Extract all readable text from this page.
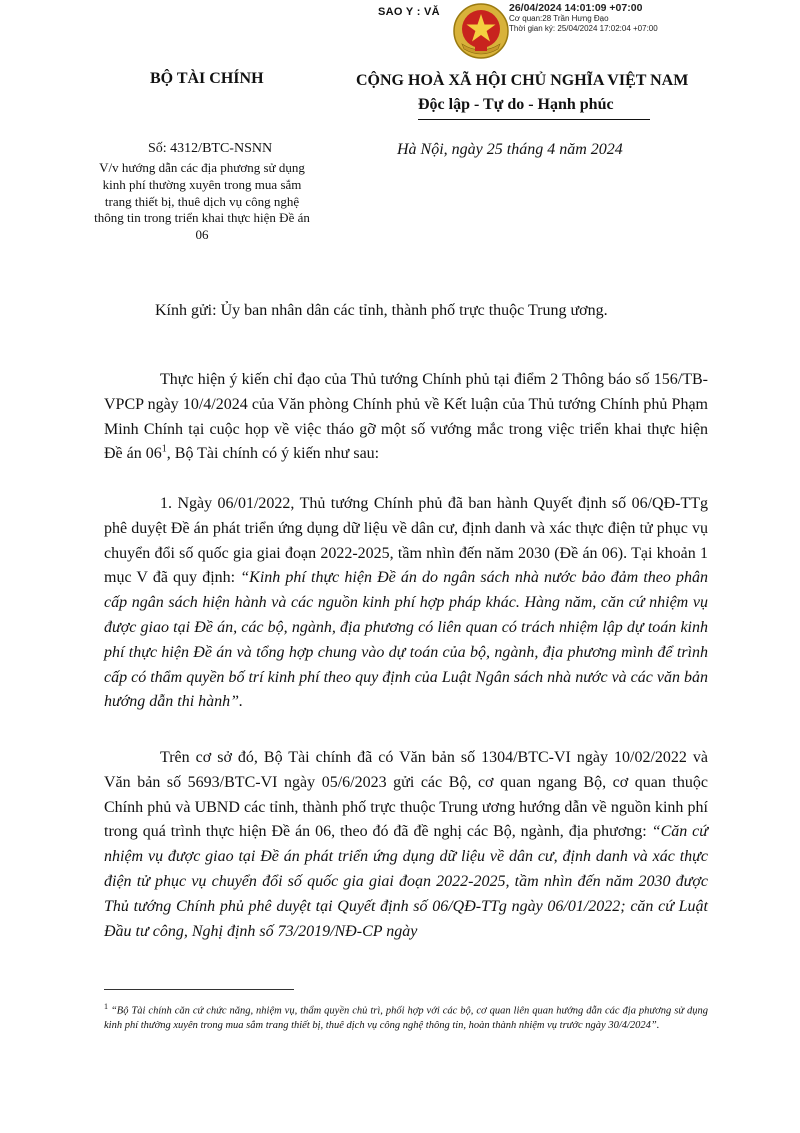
SAO Y : VĂ	26/04/2024 14:01:09 +07:00
Cơ quan:28 Trần Hưng Đạo
Thời gian ký: 25/04/2024 17:02:04 +07:00
BỘ TÀI CHÍNH	CỘNG HOÀ XÃ HỘI CHỦ NGHĨA VIỆT NAM
Độc lập - Tự do - Hạnh phúc
Số: 4312/BTC-NSNN
V/v hướng dẫn các địa phương sử dụng kinh phí thường xuyên trong mua sắm trang thiết bị, thuê dịch vụ công nghệ thông tin trong triển khai thực hiện Đề án 06
Hà Nội, ngày 25 tháng 4 năm 2024
Kính gửi: Ủy ban nhân dân các tỉnh, thành phố trực thuộc Trung ương.
Thực hiện ý kiến chỉ đạo của Thủ tướng Chính phủ tại điểm 2 Thông báo số 156/TB-VPCP ngày 10/4/2024 của Văn phòng Chính phủ về Kết luận của Thủ tướng Chính phủ Phạm Minh Chính tại cuộc họp về việc tháo gỡ một số vướng mắc trong việc triển khai thực hiện Đề án $06^1$, Bộ Tài chính có ý kiến như sau:
1. Ngày 06/01/2022, Thủ tướng Chính phủ đã ban hành Quyết định số 06/QĐ-TTg phê duyệt Đề án phát triển ứng dụng dữ liệu về dân cư, định danh và xác thực điện tử phục vụ chuyển đổi số quốc gia giai đoạn 2022-2025, tầm nhìn đến năm 2030 (Đề án 06). Tại khoản 1 mục V đã quy định: “Kinh phí thực hiện Đề án do ngân sách nhà nước bảo đảm theo phân cấp ngân sách hiện hành và các nguồn kinh phí hợp pháp khác. Hàng năm, căn cứ nhiệm vụ được giao tại Đề án, các bộ, ngành, địa phương có liên quan có trách nhiệm lập dự toán kinh phí thực hiện Đề án và tổng hợp chung vào dự toán của bộ, ngành, địa phương mình để trình cấp có thẩm quyền bố trí kinh phí theo quy định của Luật Ngân sách nhà nước và các văn bản hướng dẫn thi hành”.
Trên cơ sở đó, Bộ Tài chính đã có Văn bản số 1304/BTC-VI ngày 10/02/2022 và Văn bản số 5693/BTC-VI ngày 05/6/2023 gửi các Bộ, cơ quan ngang Bộ, cơ quan thuộc Chính phủ và UBND các tỉnh, thành phố trực thuộc Trung ương hướng dẫn về nguồn kinh phí trong quá trình thực hiện Đề án 06, theo đó đã đề nghị các Bộ, ngành, địa phương: “Căn cứ nhiệm vụ được giao tại Đề án phát triển ứng dụng dữ liệu về dân cư, định danh và xác thực điện tử phục vụ chuyển đổi số quốc gia giai đoạn 2022-2025, tầm nhìn đến năm 2030 được Thủ tướng Chính phủ phê duyệt tại Quyết định số 06/QĐ-TTg ngày 06/01/2022; căn cứ Luật Đầu tư công, Nghị định số 73/2019/NĐ-CP ngày
$^1$ “Bộ Tài chính căn cứ chức năng, nhiệm vụ, thẩm quyền chủ trì, phối hợp với các bộ, cơ quan liên quan hướng dẫn các địa phương sử dụng kinh phí thường xuyên trong mua sắm trang thiết bị, thuê dịch vụ công nghệ thông tin, hoàn thành nhiệm vụ trước ngày 30/4/2024”.
